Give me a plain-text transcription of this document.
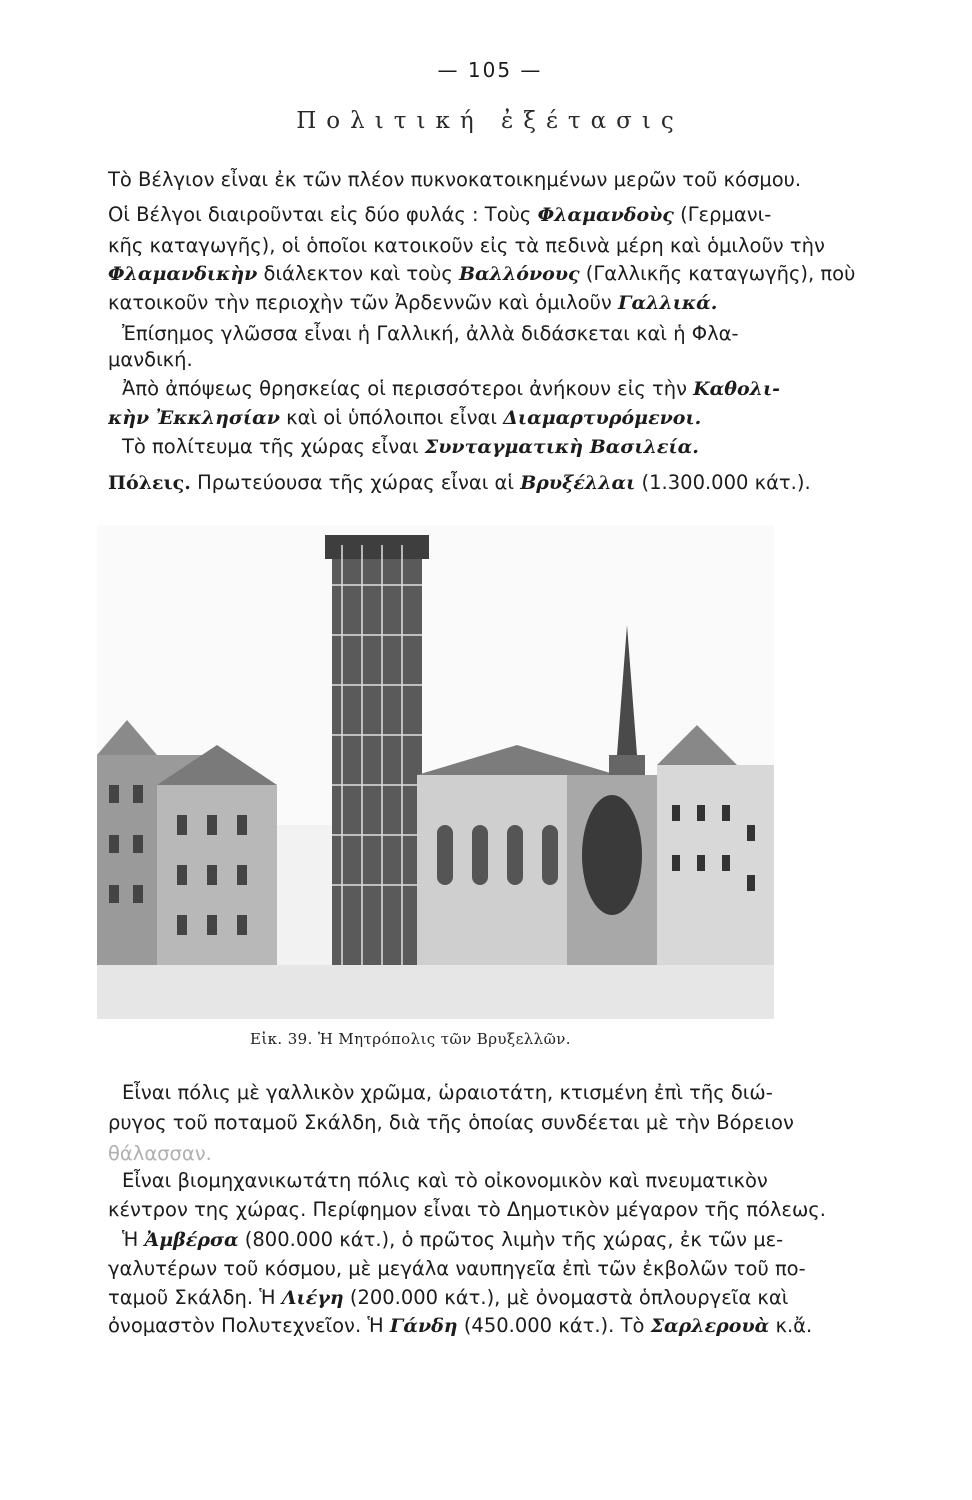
— 105 —
Πολιτική ἐξέτασις
Τὸ Βέλγιον εἶναι ἐκ τῶν πλέον πυκνοκατοικημένων μερῶν τοῦ κόσμου.
Οἱ Βέλγοι διαιροῦνται εἰς δύο φυλάς : Τοὺς Φλαμανδοὺς (Γερμανι-
κῆς καταγωγῆς), οἱ ὁποῖοι κατοικοῦν εἰς τὰ πεδινὰ μέρη καὶ ὁμιλοῦν τὴν
Φλαμανδικὴν διάλεκτον καὶ τοὺς Βαλλόνους (Γαλλικῆς καταγωγῆς), ποὺ
κατοικοῦν τὴν περιοχὴν τῶν Ἀρδεννῶν καὶ ὁμιλοῦν Γαλλικά.
Ἐπίσημος γλῶσσα εἶναι ἡ Γαλλική, ἀλλὰ διδάσκεται καὶ ἡ Φλα-
μανδική.
Ἀπὸ ἀπόψεως θρησκείας οἱ περισσότεροι ἀνήκουν εἰς τὴν Καθολι-
κὴν Ἐκκλησίαν καὶ οἱ ὑπόλοιποι εἶναι Διαμαρτυρόμενοι.
Τὸ πολίτευμα τῆς χώρας εἶναι Συνταγματικὴ Βασιλεία.
Πόλεις. Πρωτεύουσα τῆς χώρας εἶναι αἱ Βρυξέλλαι (1.300.000 κάτ.).
Εἰκ. 39. Ἡ Μητρόπολις τῶν Βρυξελλῶν.
Εἶναι πόλις μὲ γαλλικὸν χρῶμα, ὡραιοτάτη, κτισμένη ἐπὶ τῆς διώ-
ρυγος τοῦ ποταμοῦ Σκάλδη, διὰ τῆς ὁποίας συνδέεται μὲ τὴν Βόρειον
θάλασσαν.
Εἶναι βιομηχανικωτάτη πόλις καὶ τὸ οἰκονομικὸν καὶ πνευματικὸν
κέντρον της χώρας. Περίφημον εἶναι τὸ Δημοτικὸν μέγαρον τῆς πόλεως.
Ἡ Ἀμβέρσα (800.000 κάτ.), ὁ πρῶτος λιμὴν τῆς χώρας, ἐκ τῶν με-
γαλυτέρων τοῦ κόσμου, μὲ μεγάλα ναυπηγεῖα ἐπὶ τῶν ἐκβολῶν τοῦ πο-
ταμοῦ Σκάλδη. Ἡ Λιέγη (200.000 κάτ.), μὲ ὀνομαστὰ ὁπλουργεῖα καὶ
ὀνομαστὸν Πολυτεχνεῖον. Ἡ Γάνδη (450.000 κάτ.). Τὸ Σαρλερουὰ κ.ἄ.
